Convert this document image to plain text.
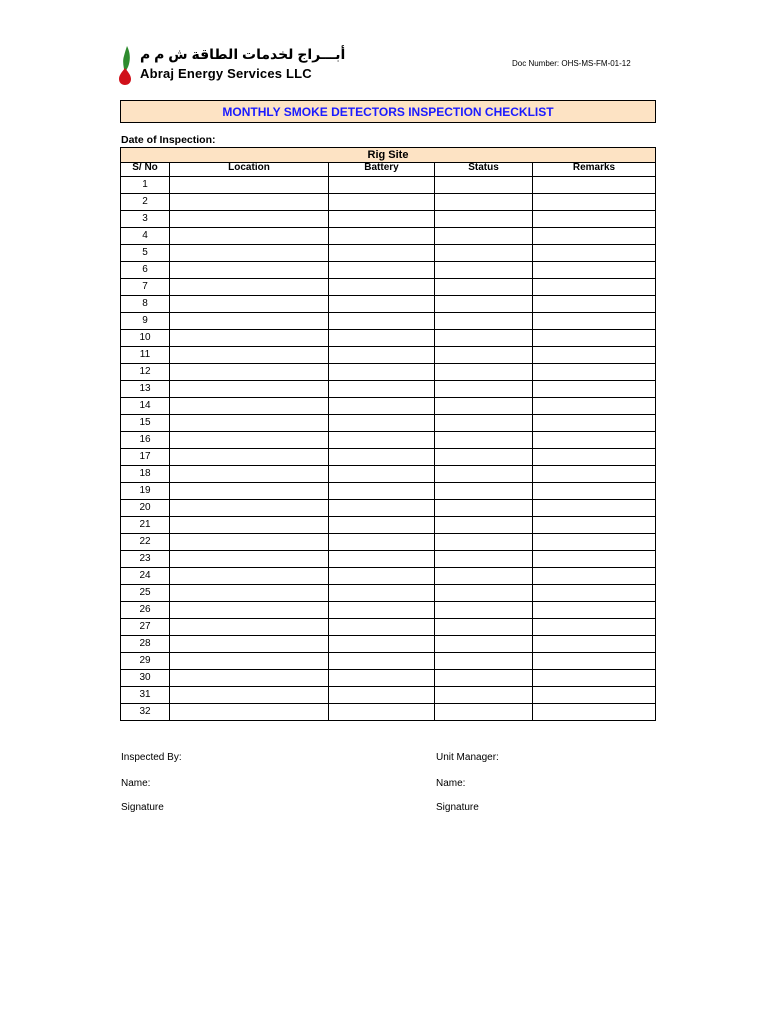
أبـــراج لخدمات الطاقة ش م م
Abraj Energy Services LLC
Doc Number: OHS-MS-FM-01-12
MONTHLY SMOKE DETECTORS INSPECTION CHECKLIST
Date of Inspection:
Rig Site				
S/ No	Location	Battery	Status	Remarks
1				
2				
3				
4				
5				
6				
7				
8				
9				
10				
11				
12				
13				
14				
15				
16				
17				
18				
19				
20				
21				
22				
23				
24				
25				
26				
27				
28				
29				
30				
31				
32				
Inspected By:
Name:
Signature
Unit Manager:
Name:
Signature
